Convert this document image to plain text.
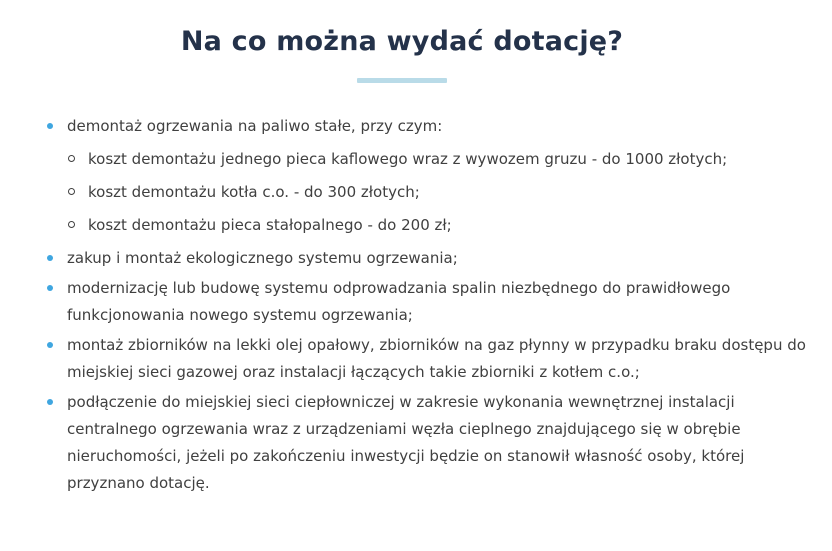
Na co można wydać dotację?
demontaż ogrzewania na paliwo stałe, przy czym:
koszt demontażu jednego pieca kaflowego wraz z wywozem gruzu - do 1000 złotych;
koszt demontażu kotła c.o. - do 300 złotych;
koszt demontażu pieca stałopalnego - do 200 zł;
zakup i montaż ekologicznego systemu ogrzewania;
modernizację lub budowę systemu odprowadzania spalin niezbędnego do prawidłowego funkcjonowania nowego systemu ogrzewania;
montaż zbiorników na lekki olej opałowy, zbiorników na gaz płynny w przypadku braku dostępu do miejskiej sieci gazowej oraz instalacji łączących takie zbiorniki z kotłem c.o.;
podłączenie do miejskiej sieci ciepłowniczej w zakresie wykonania wewnętrznej instalacji centralnego ogrzewania wraz z urządzeniami węzła cieplnego znajdującego się w obrębie nieruchomości, jeżeli po zakończeniu inwestycji będzie on stanowił własność osoby, której przyznano dotację.
